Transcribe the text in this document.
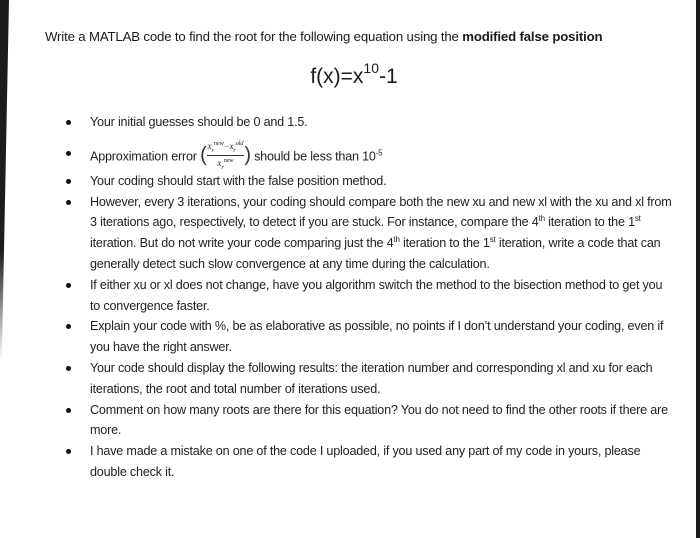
Write a MATLAB code to find the root for the following equation using the modified false position
$f(x)=x^{10}-1$
Your initial guesses should be 0 and 1.5.
Approximation error ( $\frac{x_r^{new}-x_r^{old}}{x_r^{new}}$ ) should be less than $10^{-5}$
Your coding should start with the false position method.
However, every 3 iterations, your coding should compare both the new xu and new xl with the xu and xl from 3 iterations ago, respectively, to detect if you are stuck. For instance, compare the 4th iteration to the 1st iteration. But do not write your code comparing just the 4th iteration to the 1st iteration, write a code that can generally detect such slow convergence at any time during the calculation.
If either xu or xl does not change, have you algorithm switch the method to the bisection method to get you to convergence faster.
Explain your code with %, be as elaborative as possible, no points if I don’t understand your coding, even if you have the right answer.
Your code should display the following results: the iteration number and corresponding xl and xu for each iterations, the root and total number of iterations used.
Comment on how many roots are there for this equation? You do not need to find the other roots if there are more.
I have made a mistake on one of the code I uploaded, if you used any part of my code in yours, please double check it.
